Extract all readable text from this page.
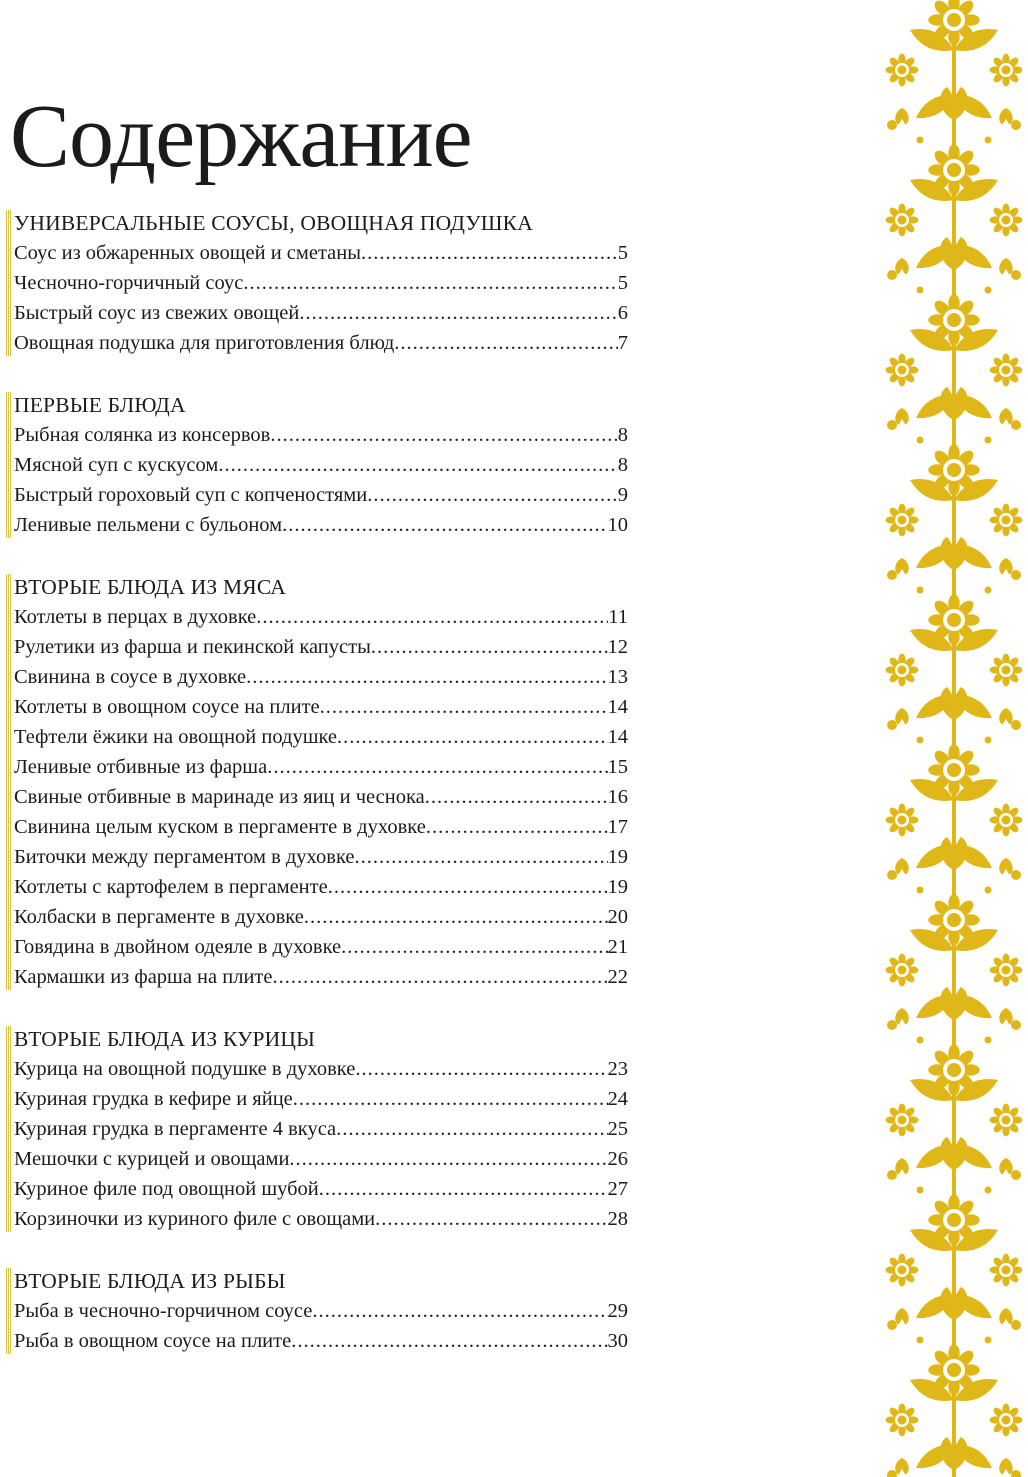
Содержание
УНИВЕРСАЛЬНЫЕ СОУСЫ, ОВОЩНАЯ ПОДУШКА
Соус из обжаренных овощей и сметаны .....	5
Чесночно-горчичный соус .....	5
Быстрый соус из свежих овощей .....	6
Овощная подушка для приготовления блюд .....	7
ПЕРВЫЕ БЛЮДА
Рыбная солянка из консервов .....	8
Мясной суп с кускусом .....	8
Быстрый гороховый суп с копченостями .....	9
Ленивые пельмени с бульоном .....	10
ВТОРЫЕ БЛЮДА ИЗ МЯСА
Котлеты в перцах в духовке .....	11
Рулетики из фарша и пекинской капусты .....	12
Свинина в соусе в духовке .....	13
Котлеты в овощном соусе на плите .....	14
Тефтели ёжики на овощной подушке .....	14
Ленивые отбивные из фарша .....	15
Свиные отбивные в маринаде из яиц и чеснока .....	16
Свинина целым куском в пергаменте в духовке .....	17
Биточки между пергаментом в духовке .....	19
Котлеты с картофелем в пергаменте .....	19
Колбаски в пергаменте в духовке .....	20
Говядина в двойном одеяле в духовке .....	21
Кармашки из фарша на плите .....	22
ВТОРЫЕ БЛЮДА ИЗ КУРИЦЫ
Курица на овощной подушке в духовке .....	23
Куриная грудка в кефире и яйце .....	24
Куриная грудка в пергаменте 4 вкуса .....	25
Мешочки с курицей и овощами .....	26
Куриное филе под овощной шубой .....	27
Корзиночки из куриного филе с овощами .....	28
ВТОРЫЕ БЛЮДА ИЗ РЫБЫ
Рыба в чесночно-горчичном соусе .....	29
Рыба в овощном соусе на плите .....	30
